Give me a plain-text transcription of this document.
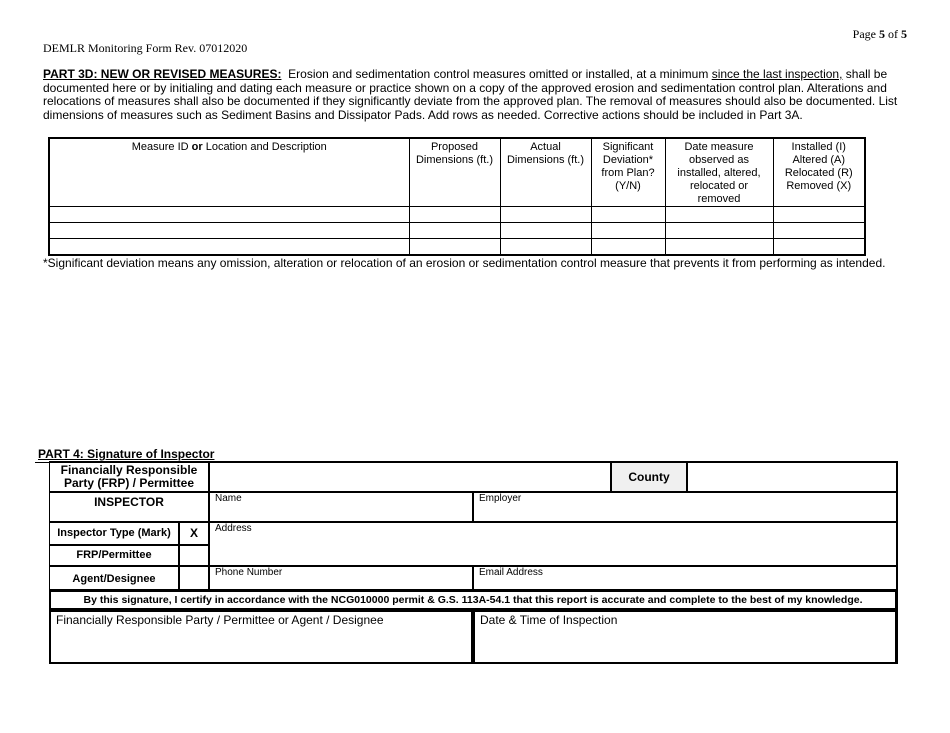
Page 5 of 5
DEMLR Monitoring Form Rev. 07012020
PART 3D: NEW OR REVISED MEASURES: Erosion and sedimentation control measures omitted or installed, at a minimum since the last inspection, shall be documented here or by initialing and dating each measure or practice shown on a copy of the approved erosion and sedimentation control plan. Alterations and relocations of measures shall also be documented if they significantly deviate from the approved plan. The removal of measures should also be documented. List dimensions of measures such as Sediment Basins and Dissipator Pads. Add rows as needed. Corrective actions should be included in Part 3A.
Measure ID or Location and Description	Proposed Dimensions (ft.)	Actual Dimensions (ft.)	Significant Deviation* from Plan? (Y/N)	Date measure observed as installed, altered, relocated or removed	Installed (I) Altered (A) Relocated (R) Removed (X)

*Significant deviation means any omission, alteration or relocation of an erosion or sedimentation control measure that prevents it from performing as intended.
PART 4: Signature of Inspector
Financially Responsible Party (FRP) / Permittee	County
INSPECTOR	Name	Employer
Inspector Type (Mark)	X	Address
FRP/Permittee
Agent/Designee
Phone Number	Email Address
By this signature, I certify in accordance with the NCG010000 permit & G.S. 113A-54.1 that this report is accurate and complete to the best of my knowledge.
Financially Responsible Party / Permittee or Agent / Designee	Date & Time of Inspection
